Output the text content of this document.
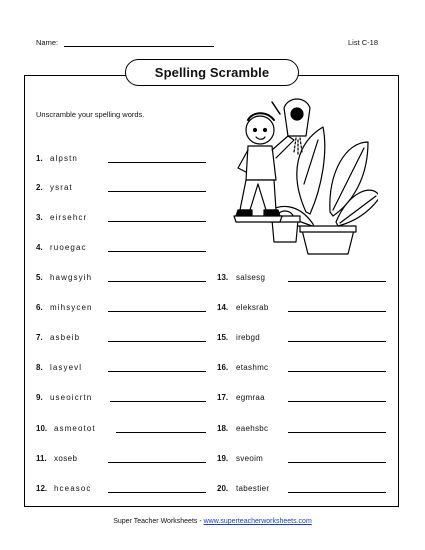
Name:	List C-18
Spelling Scramble
Unscramble your spelling words.
1. alpstn
2. ysrat
3. eirsehcr
4. ruoegac
5. hawgsyih
6. mihsycen
7. asbeib
8. lasyevl
9. useoicrtn
10. asmeotot
11. xoseb
12. hceasoc
13. salsesg
14. eleksrab
15. irebgd
16. etashmc
17. egmraa
18. eaehsbc
19. sveoim
20. tabestier
Super Teacher Worksheets - www.superteacherworksheets.com
